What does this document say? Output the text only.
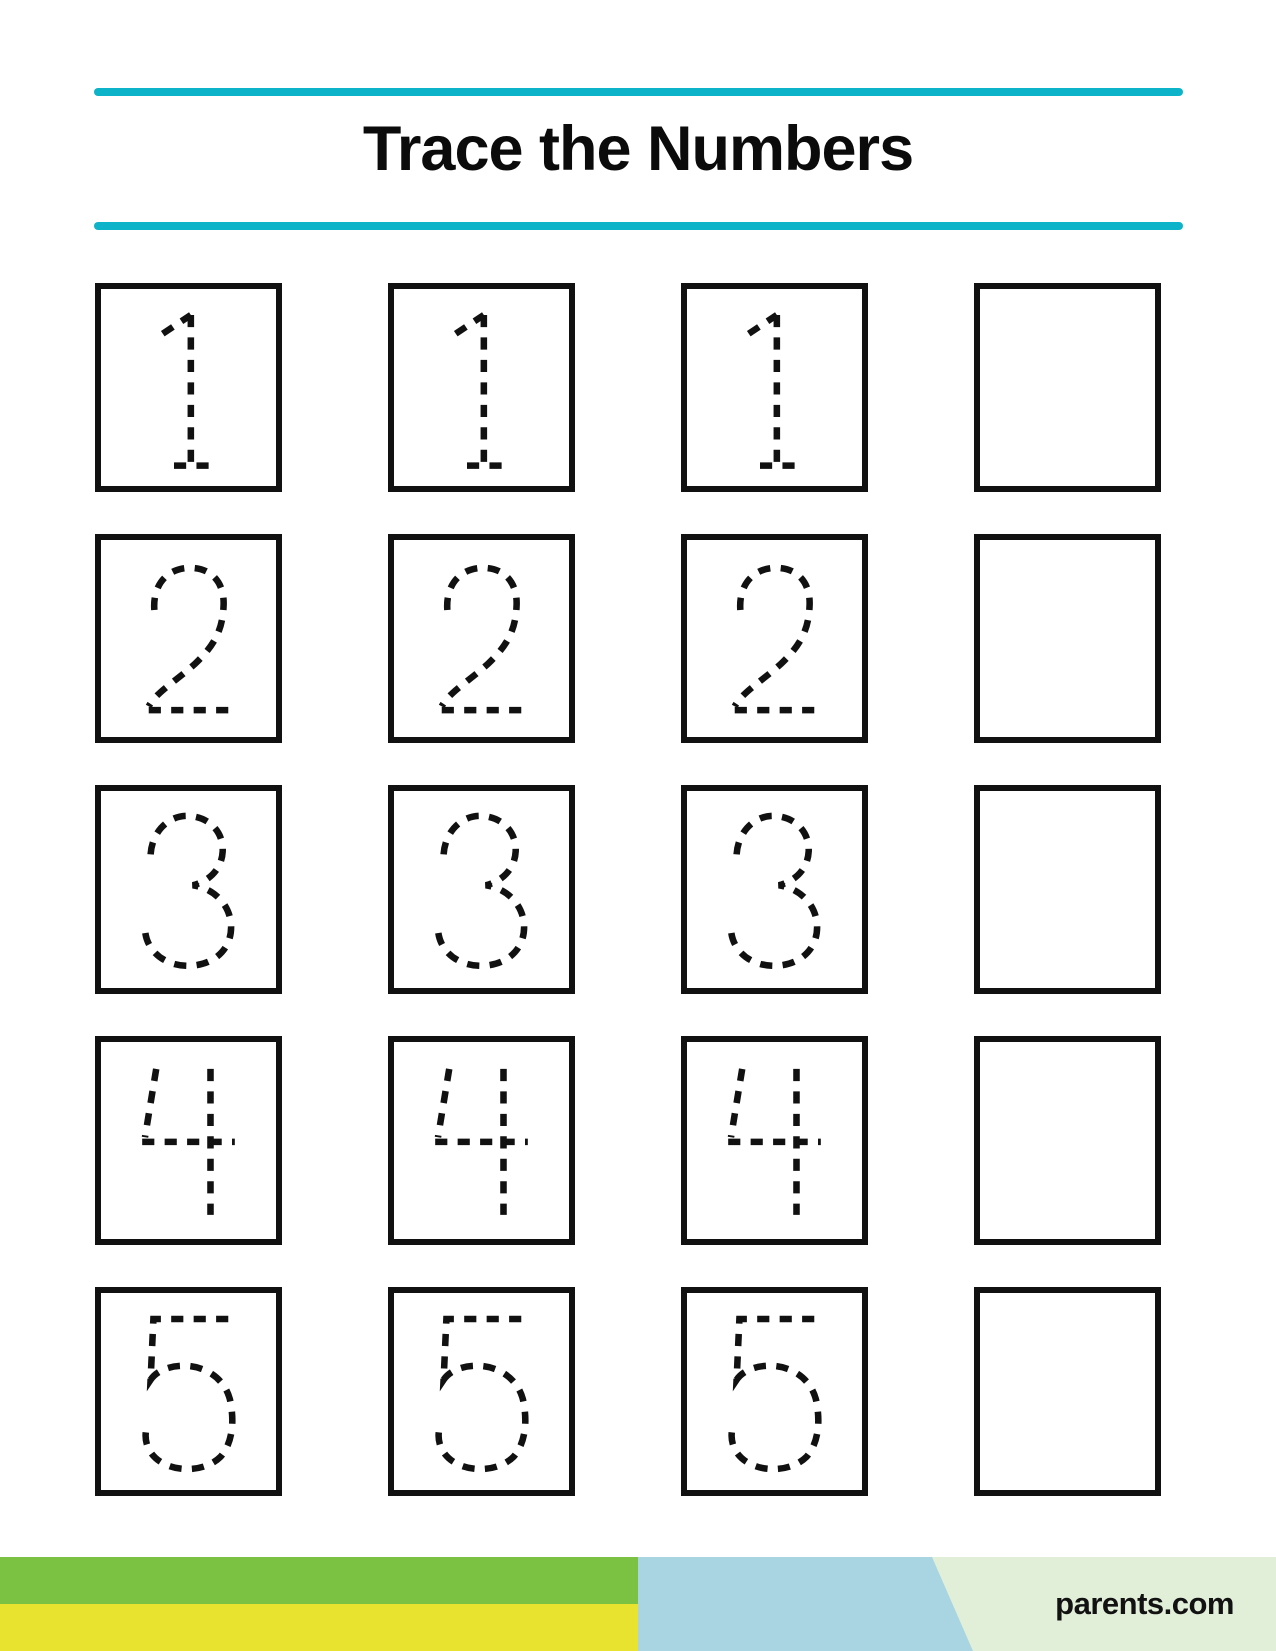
Trace the Numbers
parents.com
